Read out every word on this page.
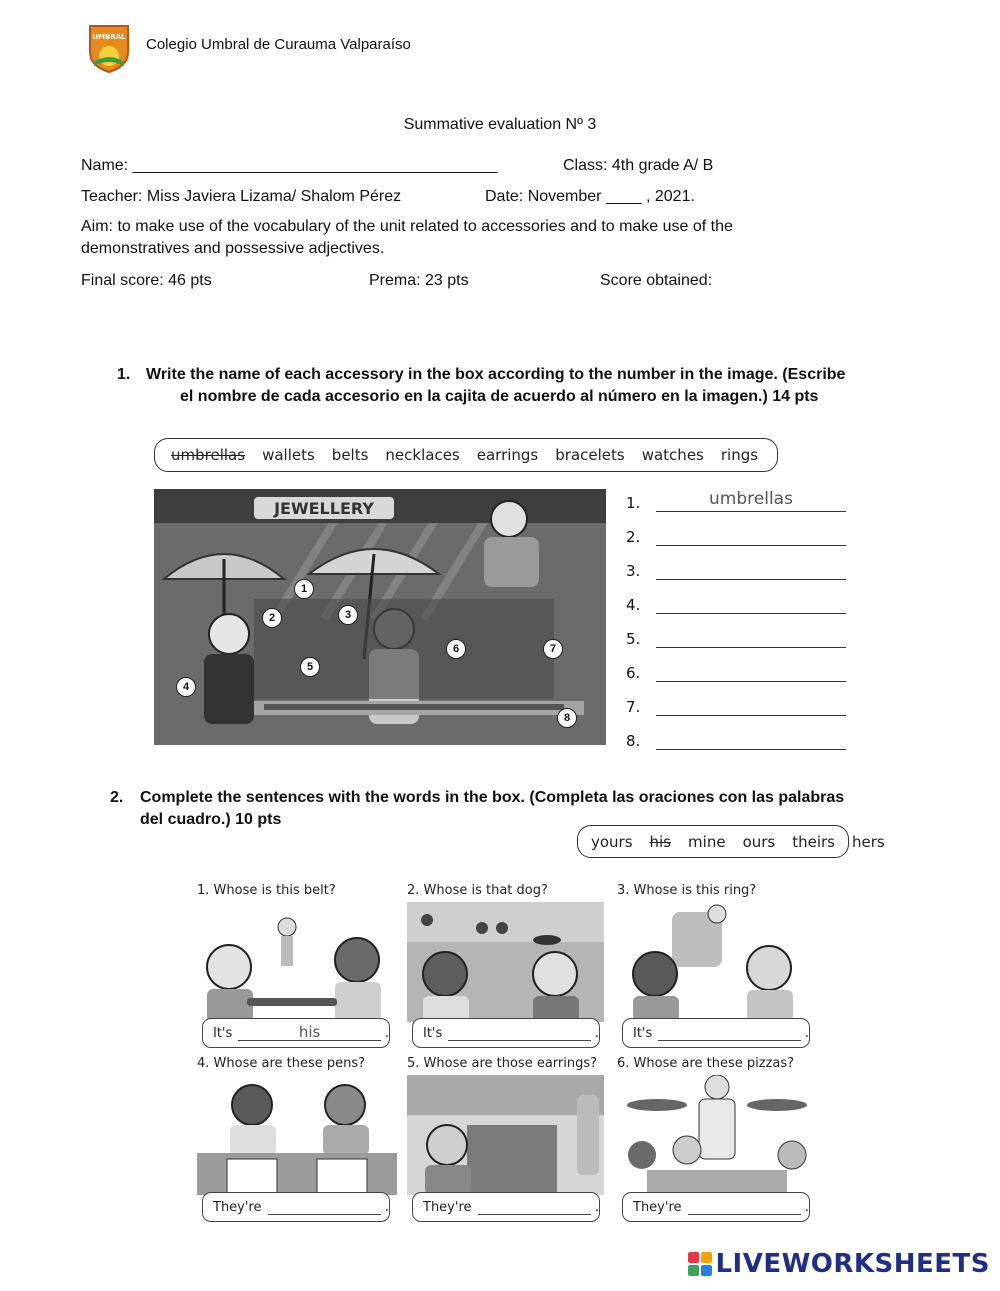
UMBRAL Colegio Umbral de Curauma Valparaíso
Summative evaluation Nº 3
Name: _________________________________________	Class: 4th grade A/ B
Teacher: Miss Javiera Lizama/ Shalom Pérez	Date: November ____ , 2021.
Aim: to make use of the vocabulary of the unit related to accessories and to make use of the
demonstratives and possessive adjectives.
Final score: 46 pts	Prema: 23 pts	Score obtained:
1. Write the name of each accessory in the box according to the number in the image. (Escribe
el nombre de cada accesorio en la cajita de acuerdo al número en la imagen.) 14 pts
umbrellas wallets belts necklaces earrings bracelets watches rings
JEWELLERY
1
2	3
4
5
6	7
8
1.	umbrellas
2.
3.
4.
5.
6.
7.
8.
2. Complete the sentences with the words in the box. (Completa las oraciones con las palabras
del cuadro.) 10 pts
yours his mine ours theirs hers
1. Whose is this belt?	2. Whose is that dog?	3. Whose is this ring?
It's	his	.	It's	.	It's	.
4. Whose are these pens?	5. Whose are those earrings? 6. Whose are these pizzas?
They're	.	They're	.	They're	.
LIVEWORKSHEETS
